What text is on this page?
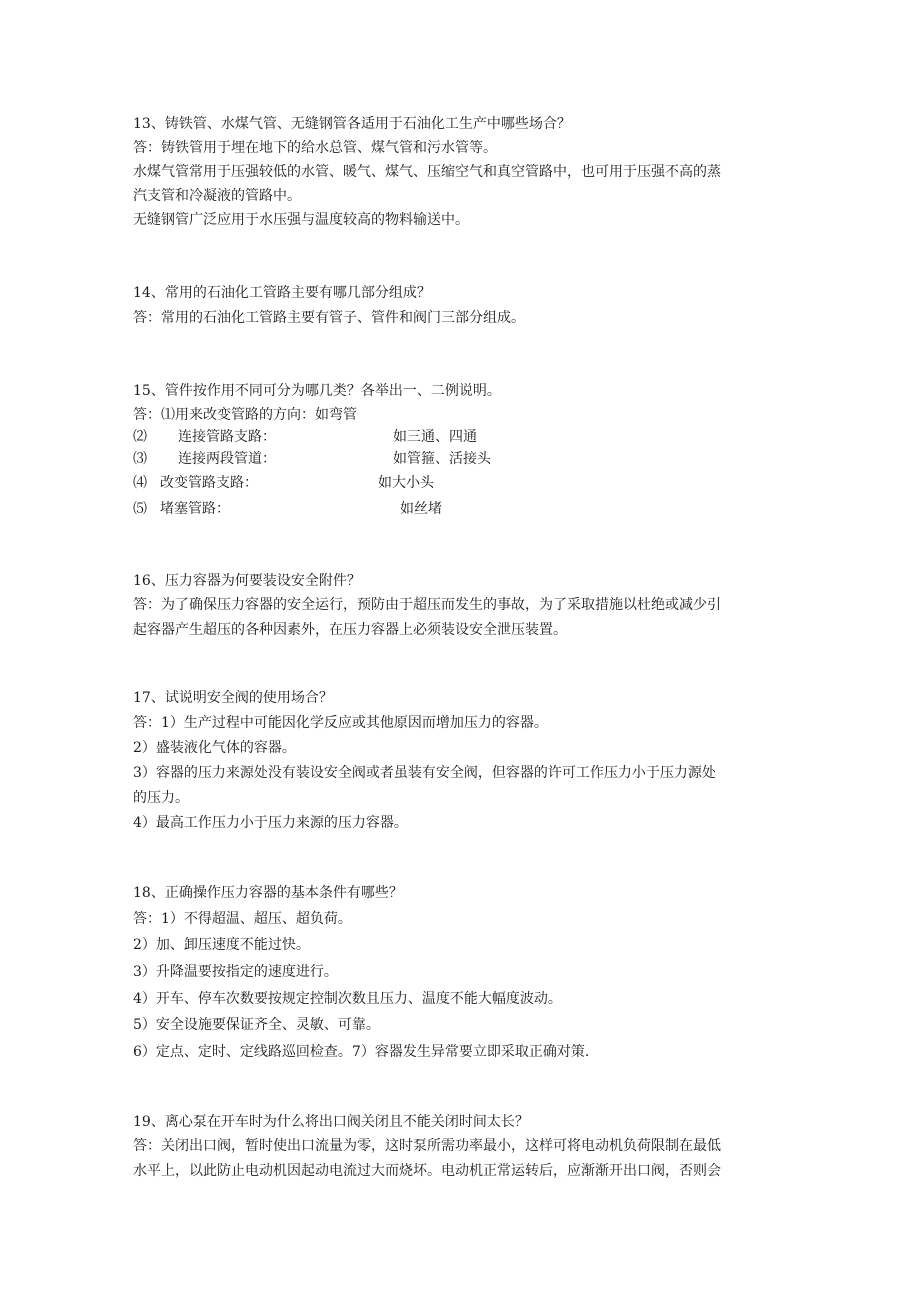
13、铸铁管、水煤气管、无缝钢管各适用于石油化工生产中哪些场合？
答：铸铁管用于埋在地下的给水总管、煤气管和污水管等。
水煤气管常用于压强较低的水管、暖气、煤气、压缩空气和真空管路中，也可用于压强不高的蒸
汽支管和冷凝液的管路中。
无缝钢管广泛应用于水压强与温度较高的物料输送中。
14、常用的石油化工管路主要有哪几部分组成？
答：常用的石油化工管路主要有管子、管件和阀门三部分组成。
15、管件按作用不同可分为哪几类？各举出一、二例说明。
答：⑴用来改变管路的方向：如弯管
⑵ 连接管路支路：	如三通、四通
⑶ 连接两段管道：	如管箍、活接头
⑷ 改变管路支路：	如大小头
⑸ 堵塞管路：	如丝堵
16、压力容器为何要装设安全附件？
答：为了确保压力容器的安全运行，预防由于超压而发生的事故，为了采取措施以杜绝或减少引
起容器产生超压的各种因素外，在压力容器上必须装设安全泄压装置。
17、试说明安全阀的使用场合？
答：1）生产过程中可能因化学反应或其他原因而增加压力的容器。
2）盛装液化气体的容器。
3）容器的压力来源处没有装设安全阀或者虽装有安全阀，但容器的许可工作压力小于压力源处
的压力。
4）最高工作压力小于压力来源的压力容器。
18、正确操作压力容器的基本条件有哪些？
答：1）不得超温、超压、超负荷。
2）加、卸压速度不能过快。
3）升降温要按指定的速度进行。
4）开车、停车次数要按规定控制次数且压力、温度不能大幅度波动。
5）安全设施要保证齐全、灵敏、可靠。
6）定点、定时、定线路巡回检查。7）容器发生异常要立即采取正确对策.
19、离心泵在开车时为什么将出口阀关闭且不能关闭时间太长？
答：关闭出口阀，暂时使出口流量为零，这时泵所需功率最小，这样可将电动机负荷限制在最低
水平上，以此防止电动机因起动电流过大而烧坏。电动机正常运转后，应渐渐开出口阀，否则会
